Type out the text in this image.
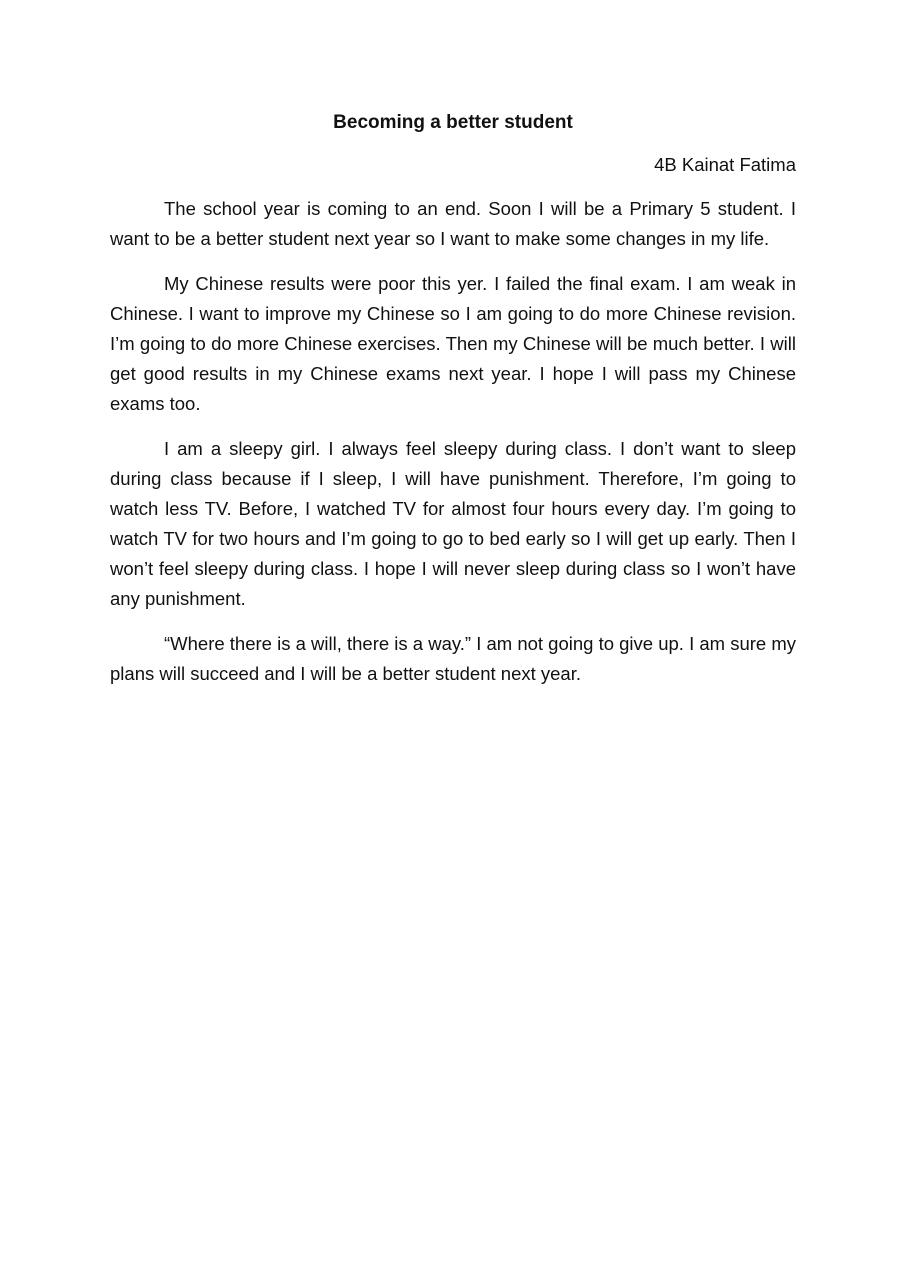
Becoming a better student

4B Kainat Fatima

The school year is coming to an end. Soon I will be a Primary 5 student. I want to be a better student next year so I want to make some changes in my life.

My Chinese results were poor this yer. I failed the final exam. I am weak in Chinese. I want to improve my Chinese so I am going to do more Chinese revision. I’m going to do more Chinese exercises. Then my Chinese will be much better. I will get good results in my Chinese exams next year. I hope I will pass my Chinese exams too.

I am a sleepy girl. I always feel sleepy during class. I don’t want to sleep during class because if I sleep, I will have punishment. Therefore, I’m going to watch less TV. Before, I watched TV for almost four hours every day. I’m going to watch TV for two hours and I’m going to go to bed early so I will get up early. Then I won’t feel sleepy during class. I hope I will never sleep during class so I won’t have any punishment.

“Where there is a will, there is a way.” I am not going to give up. I am sure my plans will succeed and I will be a better student next year.
